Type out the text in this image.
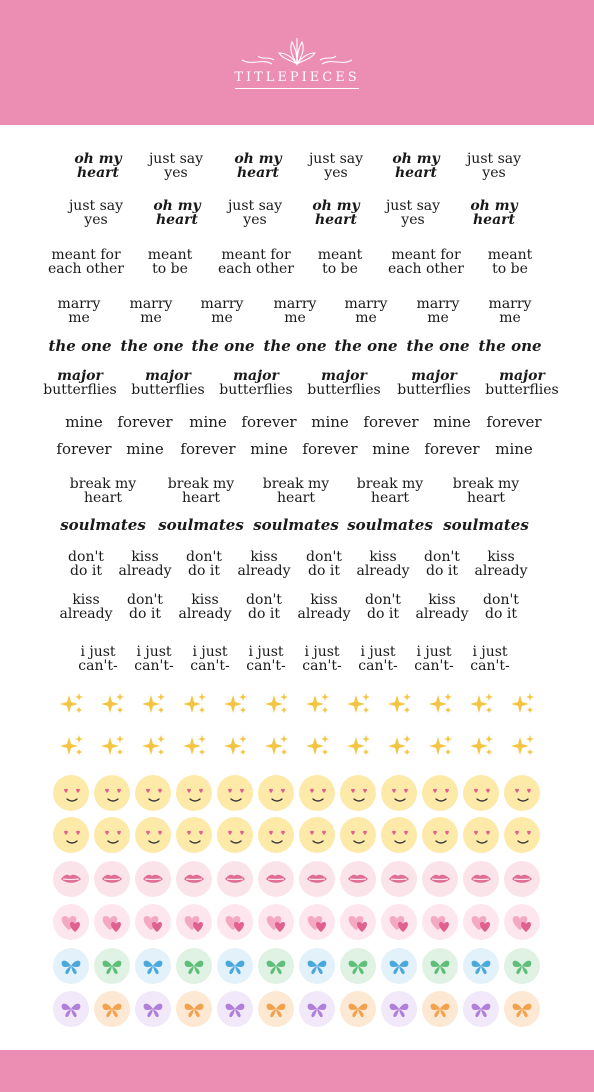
TITLEPIECES
oh my
heart
just say
yes
oh my
heart
just say
yes
oh my
heart
just say
yes
just say
yes
oh my
heart
just say
yes
oh my
heart
just say
yes
oh my
heart
meant for
each other
meant
to be
meant for
each other
meant
to be
meant for
each other
meant
to be
marry
me
marry
me
marry
me
marry
me
marry
me
marry
me
marry
me
the one the one the one the one the one the one the one
major
butterflies
major
butterflies
major
butterflies
major
butterflies
major
butterflies
major
butterflies
mine forever mine forever mine forever mine forever
forever mine forever mine forever mine forever mine
break my
heart
break my
heart
break my
heart
break my
heart
break my
heart
soulmates soulmates soulmates soulmates soulmates
don't
do it
kiss
already
don't
do it
kiss
already
don't
do it
kiss
already
don't
do it
kiss
already
kiss
already
don't
do it
kiss
already
don't
do it
kiss
already
don't
do it
kiss
already
don't
do it
i just
can't-
i just
can't-
i just
can't-
i just
can't-
i just
can't-
i just
can't-
i just
can't-
i just
can't-
